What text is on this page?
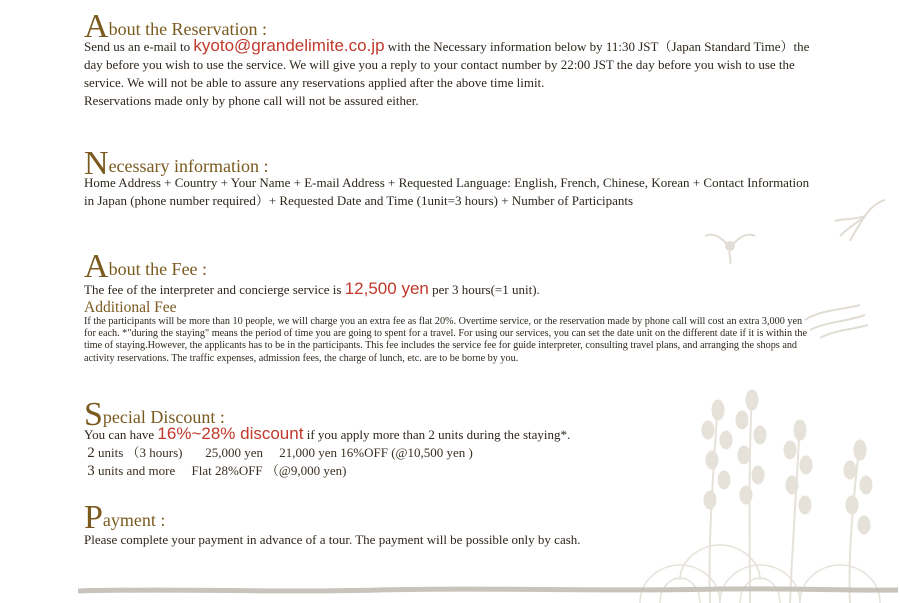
About the Reservation :

Send us an e-mail to kyoto@grandelimite.co.jp with the Necessary information below by 11:30 JST（Japan Standard Time）the day before you wish to use the service. We will give you a reply to your contact number by 22:00 JST the day before you wish to use the service. We will not be able to assure any reservations applied after the above time limit.

Reservations made only by phone call will not be assured either.

Necessary information :

Home Address + Country + Your Name + E-mail Address + Requested Language: English, French, Chinese, Korean + Contact Information in Japan (phone number required）+ Requested Date and Time (1unit=3 hours) + Number of Participants

About the Fee :

The fee of the interpreter and concierge service is 12,500 yen per 3 hours(=1 unit).

Additional Fee

If the participants will be more than 10 people, we will charge you an extra fee as flat 20%. Overtime service, or the reservation made by phone call will cost an extra 3,000 yen for each. *"during the staying" means the period of time you are going to spent for a travel. For using our services, you can set the date unit on the different date if it is within the time of staying.However, the applicants has to be in the participants. This fee includes the service fee for guide interpreter, consulting travel plans, and arranging the shops and activity reservations. The traffic expenses, admission fees, the charge of lunch, etc. are to be borne by you.

Special Discount :

You can have 16%~28% discount if you apply more than 2 units during the staying*.

2 units （3 hours)       25,000 yen     21,000 yen 16%OFF (@10,500 yen )

3 units and more     Flat 28%OFF （@9,000 yen)

Payment :

Please complete your payment in advance of a tour. The payment will be possible only by cash.
